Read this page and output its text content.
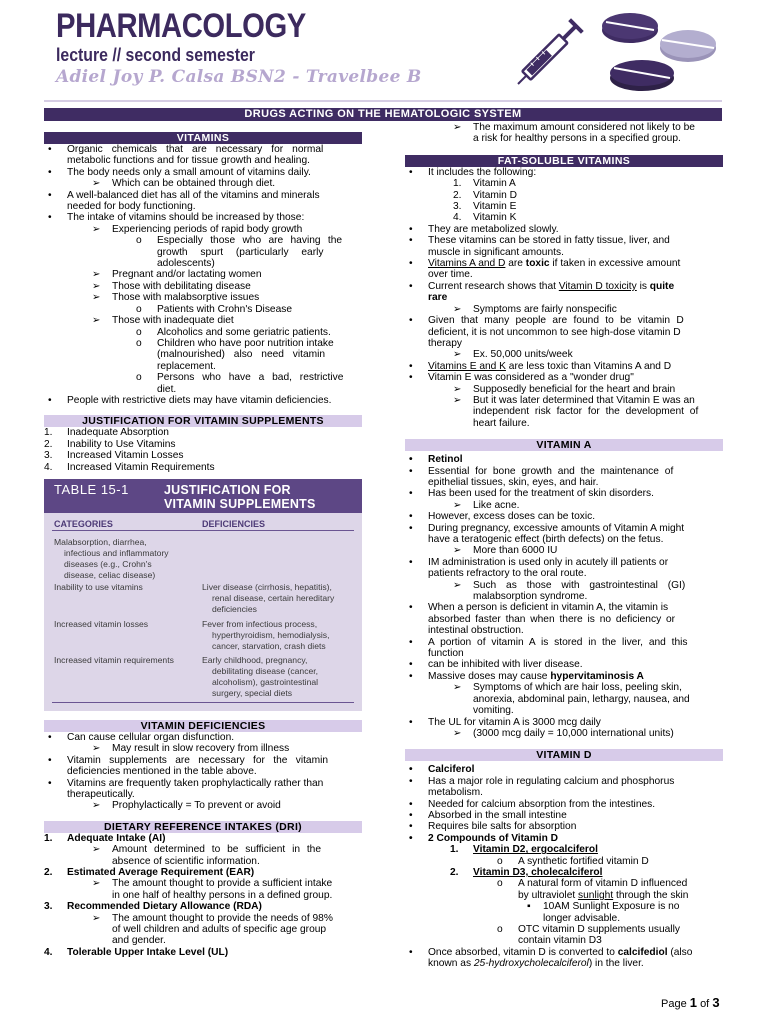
PHARMACOLOGY
lecture // second semester
Adiel Joy P. Calsa BSN2 - Travelbee B
DRUGS ACTING ON THE HEMATOLOGIC SYSTEM
VITAMINS
• Organic chemicals that are necessary for normal
metabolic functions and for tissue growth and healing.
• The body needs only a small amount of vitamins daily.
➢ Which can be obtained through diet.
• A well-balanced diet has all of the vitamins and minerals
needed for body functioning.
• The intake of vitamins should be increased by those:
➢ Experiencing periods of rapid body growth
o Especially those who are having the
growth spurt (particularly early
adolescents)
➢ Pregnant and/or lactating women
➢ Those with debilitating disease
➢ Those with malabsorptive issues
o Patients with Crohn's Disease
➢ Those with inadequate diet
o Alcoholics and some geriatric patients.
o Children who have poor nutrition intake
(malnourished) also need vitamin
replacement.
o Persons who have a bad, restrictive
diet.
• People with restrictive diets may have vitamin deficiencies.
JUSTIFICATION FOR VITAMIN SUPPLEMENTS
1. Inadequate Absorption
2. Inability to Use Vitamins
3. Increased Vitamin Losses
4. Increased Vitamin Requirements
TABLE 15-1	JUSTIFICATION FOR
VITAMIN SUPPLEMENTS
CATEGORIES	DEFICIENCIES
Malabsorption, diarrhea,
infectious and inflammatory
diseases (e.g., Crohn's
disease, celiac disease)
Inability to use vitamins	Liver disease (cirrhosis, hepatitis),
renal disease, certain hereditary
deficiencies
Increased vitamin losses	Fever from infectious process,
hyperthyroidism, hemodialysis,
cancer, starvation, crash diets
Increased vitamin requirements	Early childhood, pregnancy,
debilitating disease (cancer,
alcoholism), gastrointestinal
surgery, special diets
VITAMIN DEFICIENCIES
• Can cause cellular organ disfunction.
➢ May result in slow recovery from illness
• Vitamin supplements are necessary for the vitamin
deficiencies mentioned in the table above.
• Vitamins are frequently taken prophylactically rather than
therapeutically.
➢ Prophylactically = To prevent or avoid
DIETARY REFERENCE INTAKES (DRI)
1. Adequate Intake (AI)
➢ Amount determined to be sufficient in the
absence of scientific information.
2. Estimated Average Requirement (EAR)
➢ The amount thought to provide a sufficient intake
in one half of healthy persons in a defined group.
3. Recommended Dietary Allowance (RDA)
➢ The amount thought to provide the needs of 98%
of well children and adults of specific age group
and gender.
4. Tolerable Upper Intake Level (UL)
➢ The maximum amount considered not likely to be
a risk for healthy persons in a specified group.
FAT-SOLUBLE VITAMINS
• It includes the following:
1. Vitamin A
2. Vitamin D
3. Vitamin E
4. Vitamin K
• They are metabolized slowly.
• These vitamins can be stored in fatty tissue, liver, and
muscle in significant amounts.
• Vitamins A and D are toxic if taken in excessive amount
over time.
• Current research shows that Vitamin D toxicity is quite
rare
➢ Symptoms are fairly nonspecific
• Given that many people are found to be vitamin D
deficient, it is not uncommon to see high-dose vitamin D
therapy
➢ Ex. 50,000 units/week
• Vitamins E and K are less toxic than Vitamins A and D
• Vitamin E was considered as a "wonder drug"
➢ Supposedly beneficial for the heart and brain
➢ But it was later determined that Vitamin E was an
independent risk factor for the development of
heart failure.
VITAMIN A
• Retinol
• Essential for bone growth and the maintenance of
epithelial tissues, skin, eyes, and hair.
• Has been used for the treatment of skin disorders.
➢ Like acne.
• However, excess doses can be toxic.
• During pregnancy, excessive amounts of Vitamin A might
have a teratogenic effect (birth defects) on the fetus.
➢ More than 6000 IU
• IM administration is used only in acutely ill patients or
patients refractory to the oral route.
➢ Such as those with gastrointestinal (GI)
malabsorption syndrome.
• When a person is deficient in vitamin A, the vitamin is
absorbed faster than when there is no deficiency or
intestinal obstruction.
• A portion of vitamin A is stored in the liver, and this
function
• can be inhibited with liver disease.
• Massive doses may cause hypervitaminosis A
➢ Symptoms of which are hair loss, peeling skin,
anorexia, abdominal pain, lethargy, nausea, and
vomiting.
• The UL for vitamin A is 3000 mcg daily
➢ (3000 mcg daily = 10,000 international units)
VITAMIN D
• Calciferol
• Has a major role in regulating calcium and phosphorus
metabolism.
• Needed for calcium absorption from the intestines.
• Absorbed in the small intestine
• Requires bile salts for absorption
• 2 Compounds of Vitamin D
1. Vitamin D2, ergocalciferol
o A synthetic fortified vitamin D
2. Vitamin D3, cholecalciferol
o A natural form of vitamin D influenced
by ultraviolet sunlight through the skin
▪ 10AM Sunlight Exposure is no
longer advisable.
o OTC vitamin D supplements usually
contain vitamin D3
• Once absorbed, vitamin D is converted to calcifediol (also
known as 25-hydroxycholecalciferol) in the liver.
Page 1 of 3
